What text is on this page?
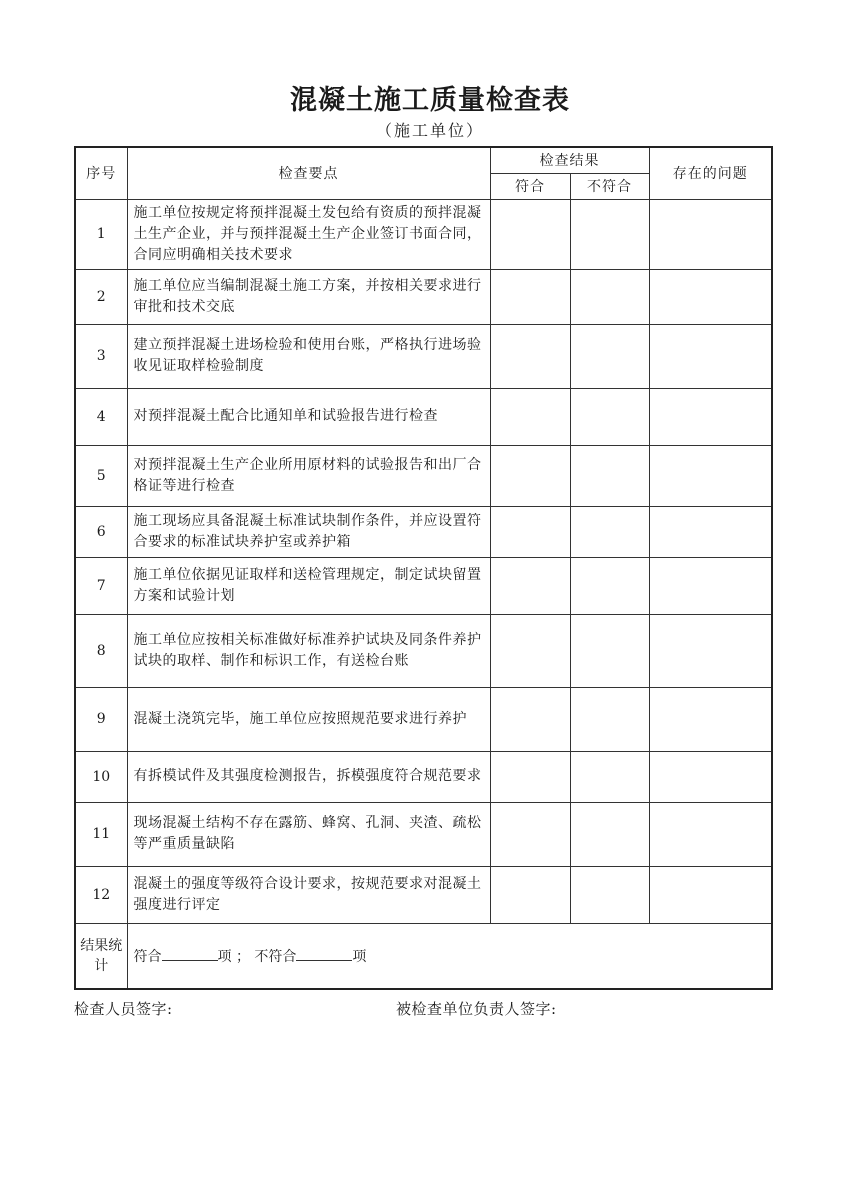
混凝土施工质量检查表
（施工单位）
序号	检查要点	检查结果		存在的问题
		符合	不符合	
1	施工单位按规定将预拌混凝土发包给有资质的预拌混凝土生产企业，并与预拌混凝土生产企业签订书面合同，合同应明确相关技术要求			
2	施工单位应当编制混凝土施工方案，并按相关要求进行审批和技术交底			
3	建立预拌混凝土进场检验和使用台账，严格执行进场验收见证取样检验制度			
4	对预拌混凝土配合比通知单和试验报告进行检查			
5	对预拌混凝土生产企业所用原材料的试验报告和出厂合格证等进行检查			
6	施工现场应具备混凝土标准试块制作条件，并应设置符合要求的标准试块养护室或养护箱			
7	施工单位依据见证取样和送检管理规定，制定试块留置方案和试验计划			
8	施工单位应按相关标准做好标准养护试块及同条件养护试块的取样、制作和标识工作，有送检台账			
9	混凝土浇筑完毕，施工单位应按照规范要求进行养护			
10	有拆模试件及其强度检测报告，拆模强度符合规范要求			
11	现场混凝土结构不存在露筋、蜂窝、孔洞、夹渣、疏松等严重质量缺陷			
12	混凝土的强度等级符合设计要求，按规范要求对混凝土强度进行评定			
结果统计	符合 项 ； 不符合 项			
检查人员签字:	被检查单位负责人签字:
